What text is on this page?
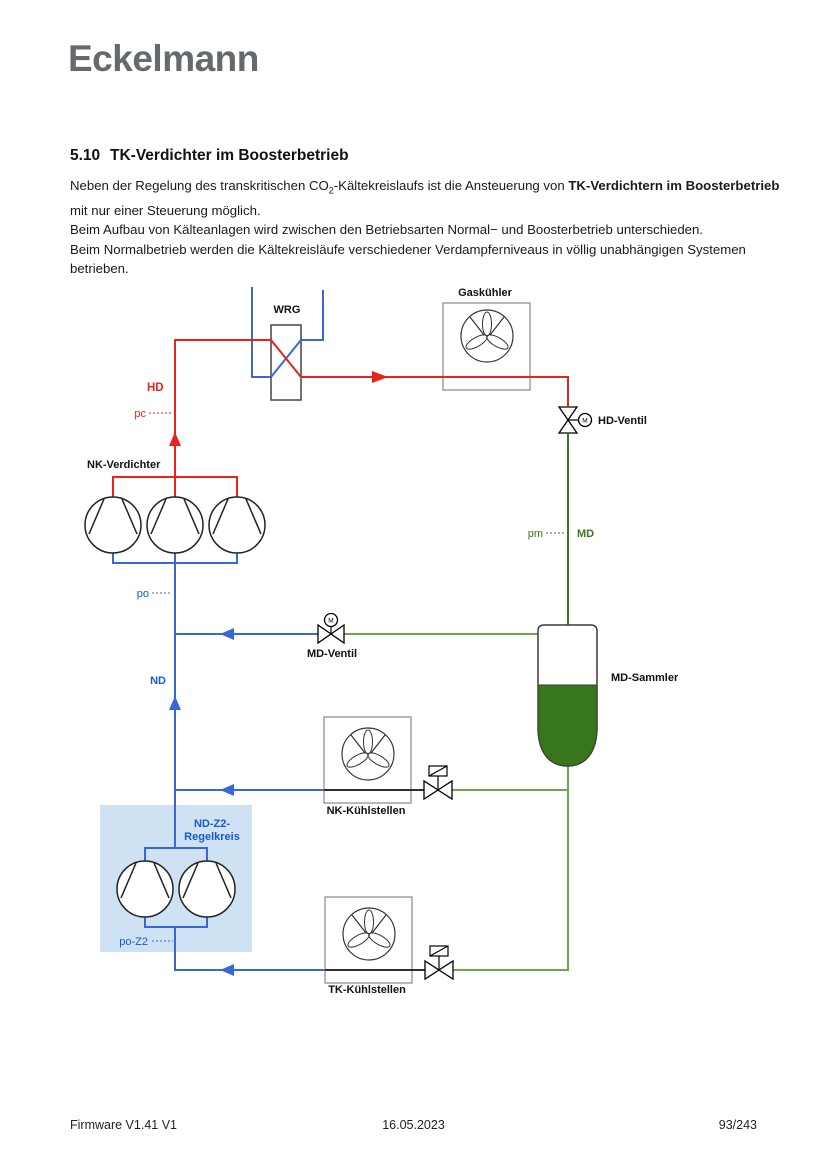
Eckelmann
5.10 TK-Verdichter im Boosterbetrieb
Neben der Regelung des transkritischen $CO_2$-Kältekreislaufs ist die Ansteuerung von TK-Verdichtern im Boosterbetrieb mit nur einer Steuerung möglich.
Beim Aufbau von Kälteanlagen wird zwischen den Betriebsarten Normal− und Boosterbetrieb unterschieden.
Beim Normalbetrieb werden die Kältekreisläufe verschiedener Verdampferniveaus in völlig unabhängigen Systemen betrieben.
WRG
Gaskühler
M HD-Ventil
HD
pc
pm	MD
MD-Sammler
M
MD-Ventil
NK-Verdichter
po
ND
NK-Kühlstellen
TK-Kühlstellen
ND-Z2-
Regelkreis
po-Z2
Firmware V1.41 V1	16.05.2023	93/243
